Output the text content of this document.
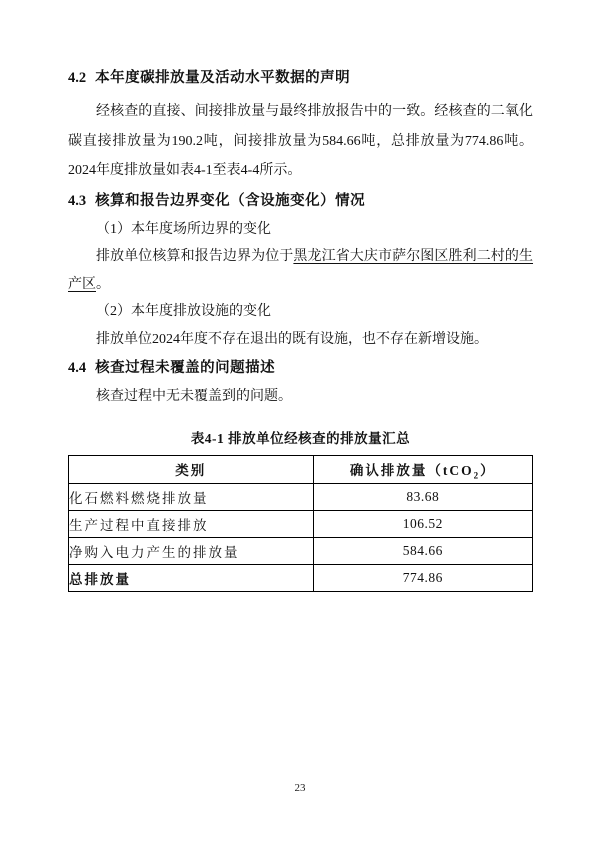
4.2 本年度碳排放量及活动水平数据的声明

经核查的直接、间接排放量与最终排放报告中的一致。经核查的二氧化碳直接排放量为190.2吨，间接排放量为584.66吨，总排放量为774.86吨。2024年度排放量如表4-1至表4-4所示。

4.3 核算和报告边界变化（含设施变化）情况

（1）本年度场所边界的变化

排放单位核算和报告边界为位于黑龙江省大庆市萨尔图区胜利二村的生产区。

（2）本年度排放设施的变化

排放单位2024年度不存在退出的既有设施，也不存在新增设施。

4.4 核查过程未覆盖的问题描述

核查过程中无未覆盖到的问题。

表4-1 排放单位经核查的排放量汇总
类别	确认排放量（tCO$_2$）
化石燃料燃烧排放量	83.68
生产过程中直接排放	106.52
净购入电力产生的排放量	584.66
总排放量	774.86
23
